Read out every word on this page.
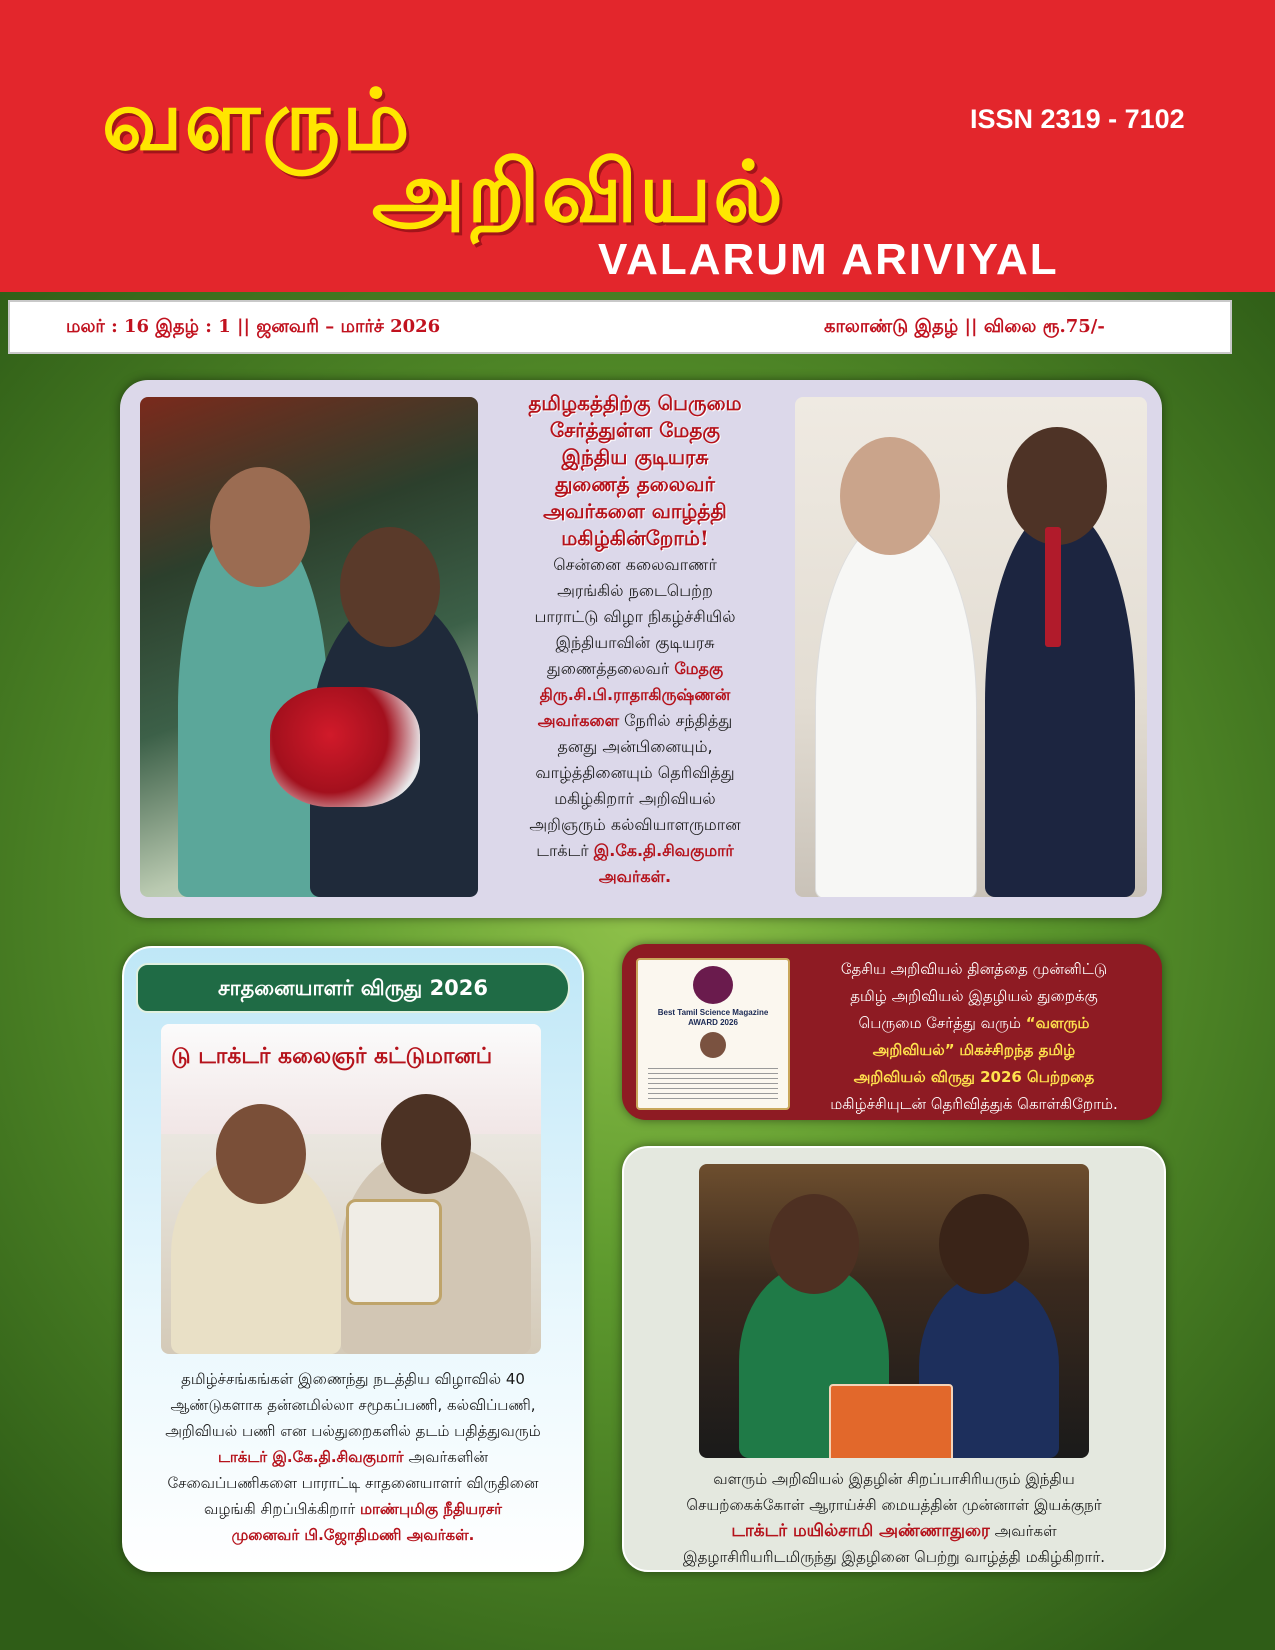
வளரும்
அறிவியல்
ISSN 2319 - 7102
VALARUM ARIVIYAL
மலர் : 16 இதழ் : 1 || ஜனவரி – மார்ச் 2026	காலாண்டு இதழ் || விலை ரூ.75/-

தமிழகத்திற்கு பெருமை
சேர்த்துள்ள மேதகு
இந்திய குடியரசு
துணைத் தலைவர்
அவர்களை வாழ்த்தி
மகிழ்கின்றோம்!

சென்னை கலைவாணர்
அரங்கில் நடைபெற்ற
பாராட்டு விழா நிகழ்ச்சியில்
இந்தியாவின் குடியரசு
துணைத்தலைவர் மேதகு
திரு.சி.பி.ராதாகிருஷ்ணன்
அவர்களை நேரில் சந்தித்து
தனது அன்பினையும்,
வாழ்த்தினையும் தெரிவித்து
மகிழ்கிறார் அறிவியல்
அறிஞரும் கல்வியாளருமான
டாக்டர் இ.கே.தி.சிவகுமார்
அவர்கள்.

சாதனையாளர் விருது 2026
டு டாக்டர் கலைஞர் கட்டுமானப்

தமிழ்ச்சங்கங்கள் இணைந்து நடத்திய விழாவில் 40
ஆண்டுகளாக தன்னமில்லா சமூகப்பணி, கல்விப்பணி,
அறிவியல் பணி என பல்துறைகளில் தடம் பதித்துவரும்
டாக்டர் இ.கே.தி.சிவகுமார் அவர்களின்
சேவைப்பணிகளை பாராட்டி சாதனையாளர் விருதினை
வழங்கி சிறப்பிக்கிறார் மாண்புமிகு நீதியரசர்
முனைவர் பி.ஜோதிமணி அவர்கள்.

Best Tamil Science Magazine
AWARD 2026

தேசிய அறிவியல் தினத்தை முன்னிட்டு
தமிழ் அறிவியல் இதழியல் துறைக்கு
பெருமை சேர்த்து வரும் “வளரும்
அறிவியல்” மிகச்சிறந்த தமிழ்
அறிவியல் விருது 2026 பெற்றதை
மகிழ்ச்சியுடன் தெரிவித்துக் கொள்கிறோம்.

வளரும் அறிவியல் இதழின் சிறப்பாசிரியரும் இந்திய
செயற்கைக்கோள் ஆராய்ச்சி மையத்தின் முன்னாள் இயக்குநர்
டாக்டர் மயில்சாமி அண்ணாதுரை அவர்கள்
இதழாசிரியரிடமிருந்து இதழினை பெற்று வாழ்த்தி மகிழ்கிறார்.
